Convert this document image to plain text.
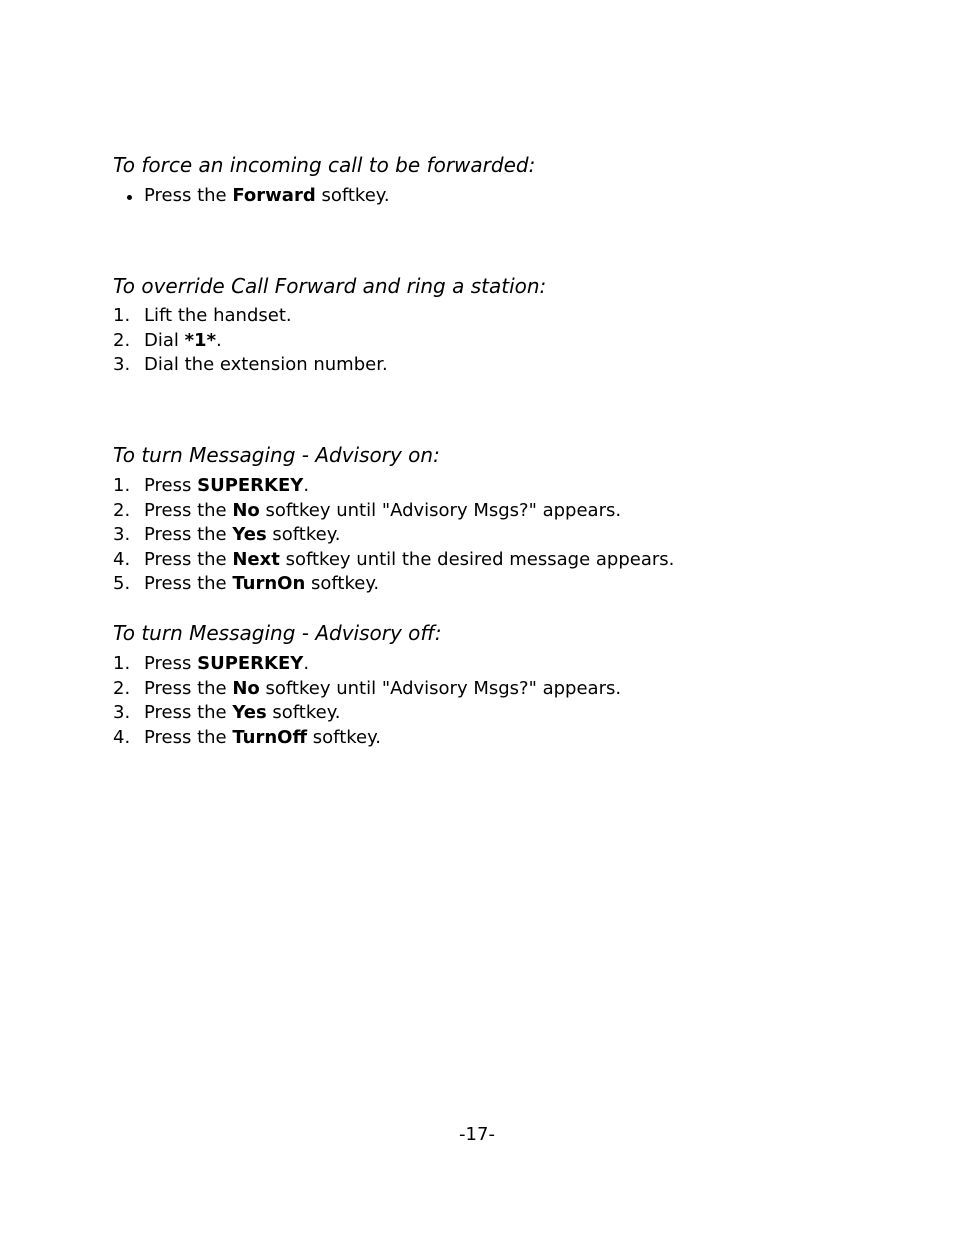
To force an incoming call to be forwarded:
Press the Forward softkey.
To override Call Forward and ring a station:
1. Lift the handset.
2. Dial *1*.
3. Dial the extension number.
To turn Messaging - Advisory on:
1. Press SUPERKEY.
2. Press the No softkey until "Advisory Msgs?" appears.
3. Press the Yes softkey.
4. Press the Next softkey until the desired message appears.
5. Press the TurnOn softkey.
To turn Messaging - Advisory off:
1. Press SUPERKEY.
2. Press the No softkey until "Advisory Msgs?" appears.
3. Press the Yes softkey.
4. Press the TurnOff softkey.
-17-
